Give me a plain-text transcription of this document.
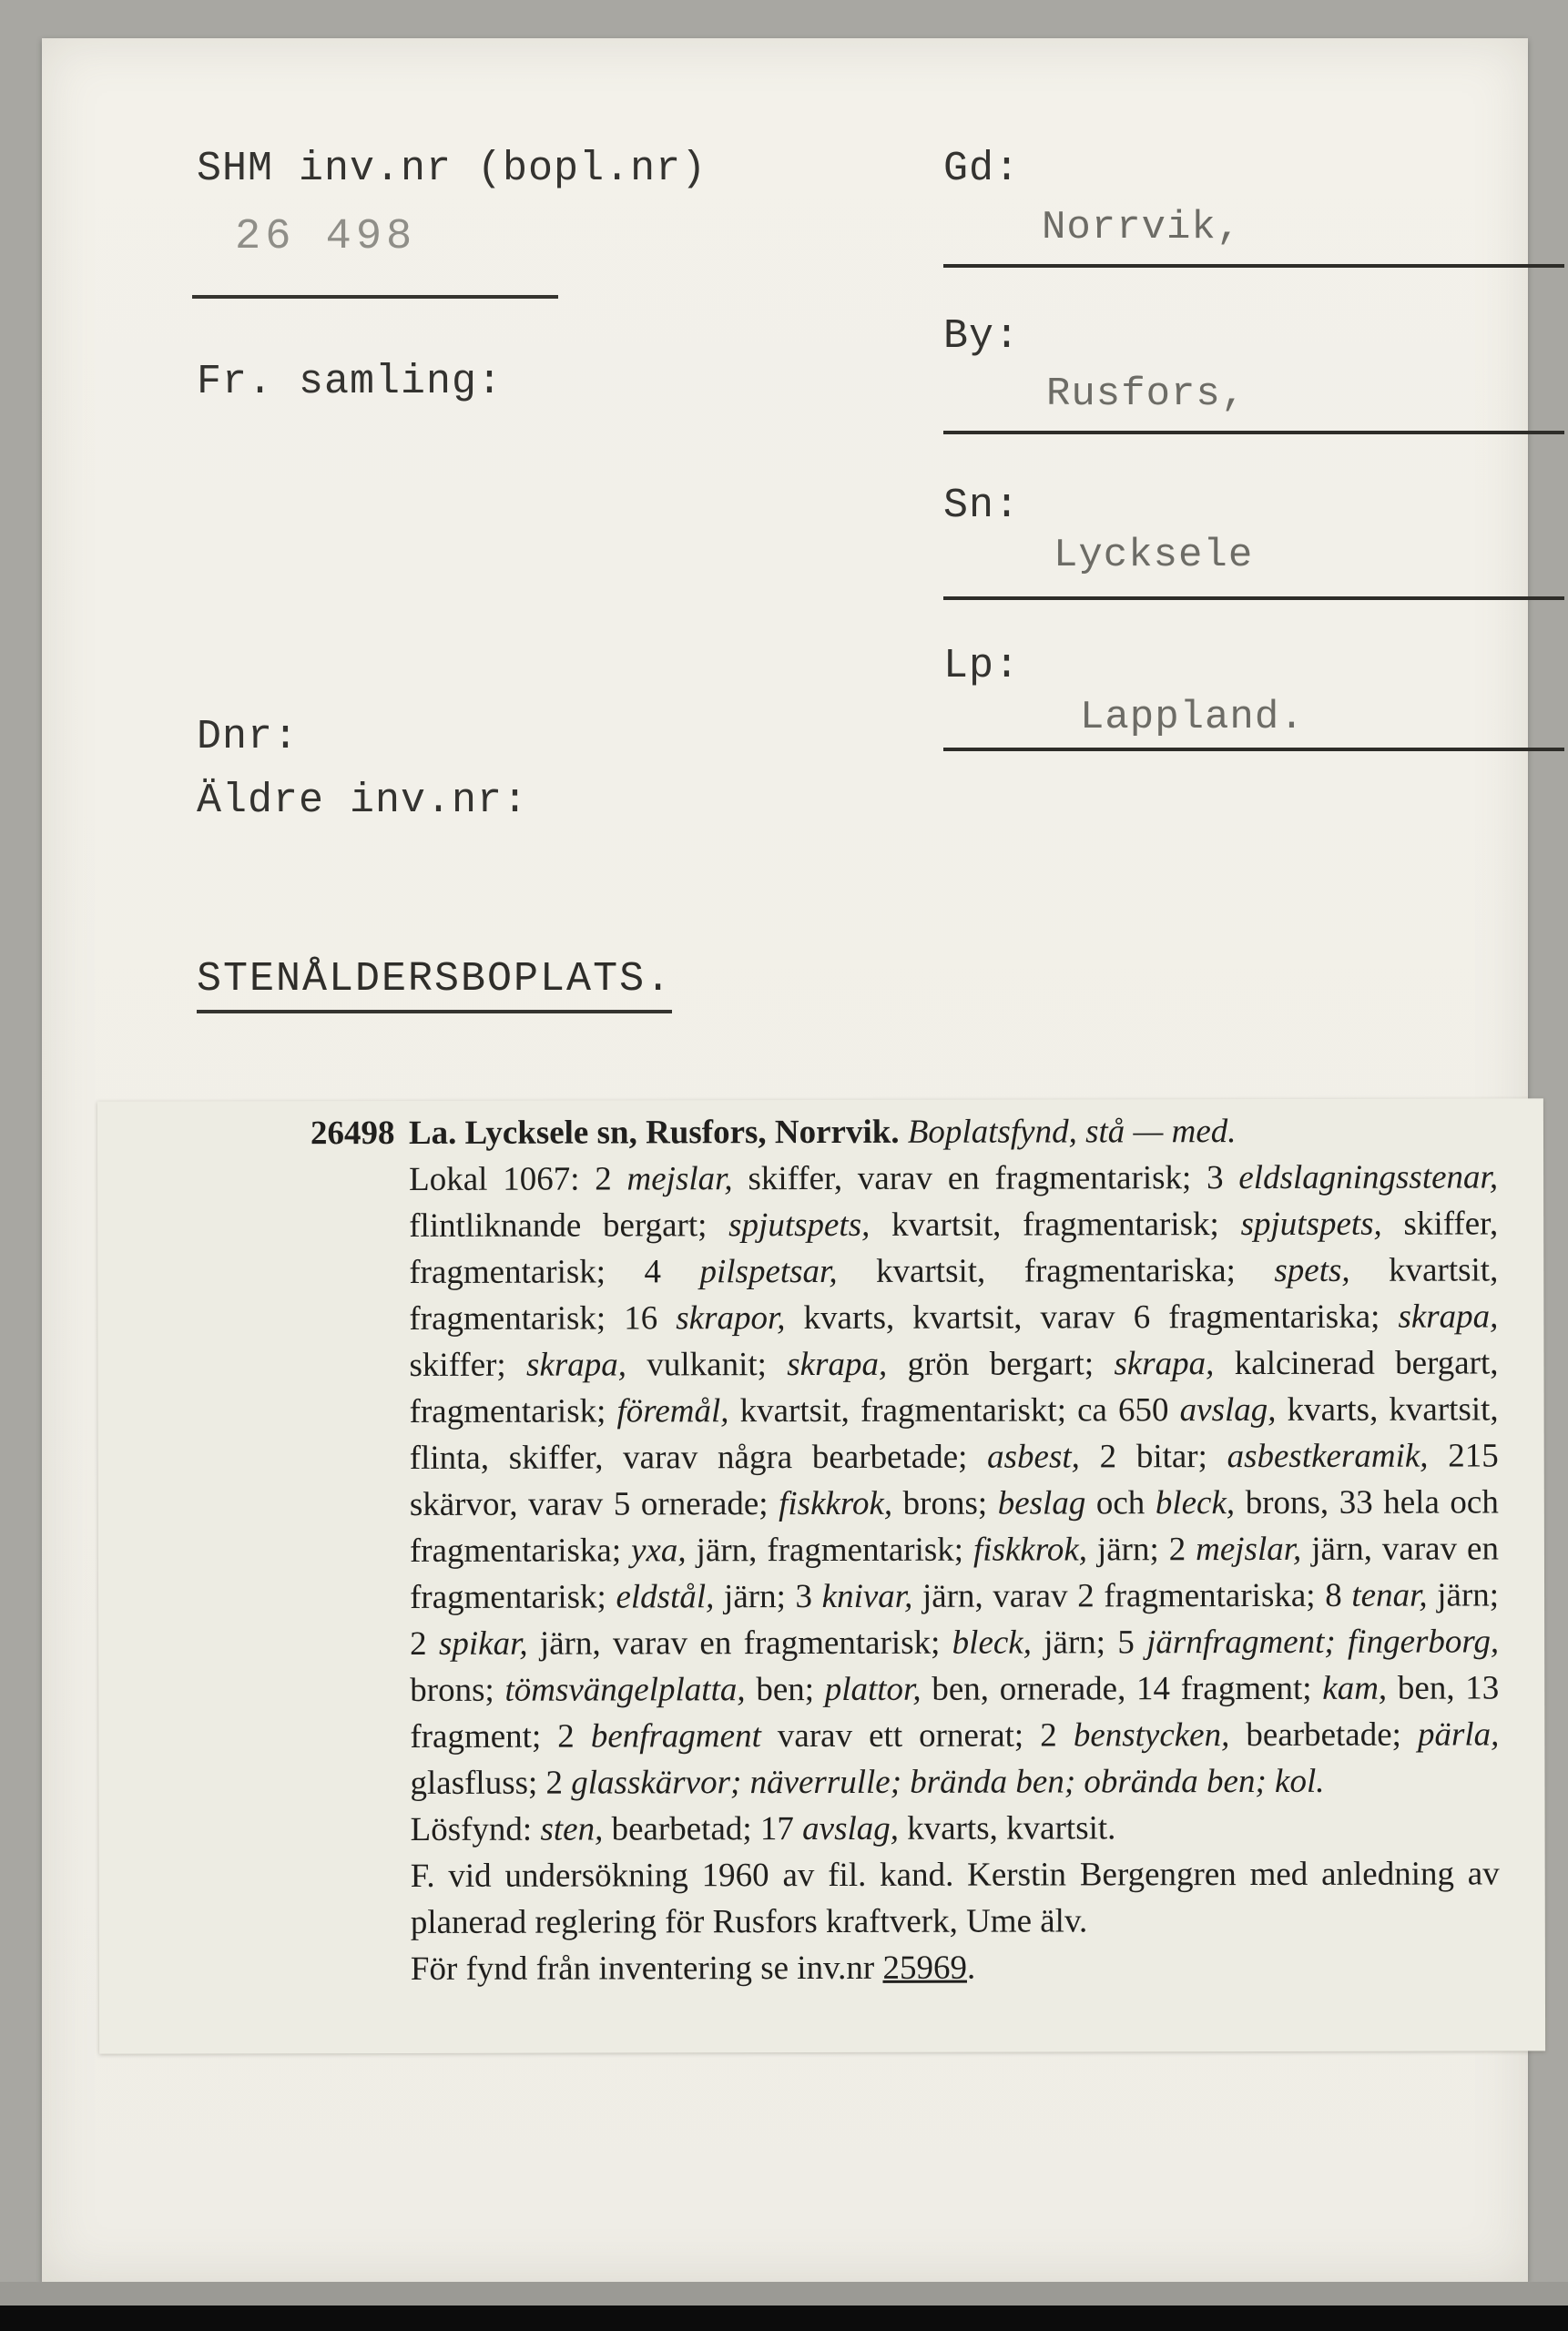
SHM inv.nr (bopl.nr)
26 498
Fr. samling:
Dnr:
Äldre inv.nr:
STENÅLDERSBOPLATS.
Gd:
Norrvik,
By:
Rusfors,
Sn:
Lycksele
Lp:
Lappland.
26498 La. Lycksele sn, Rusfors, Norrvik. Boplatsfynd, stå — med.

Lokal 1067: 2 mejslar, skiffer, varav en fragmentarisk; 3 eldslagningsstenar, flintliknande bergart; spjutspets, kvartsit, fragmentarisk; spjutspets, skiffer, fragmentarisk; 4 pilspetsar, kvartsit, fragmentariska; spets, kvartsit, fragmentarisk; 16 skrapor, kvarts, kvartsit, varav 6 fragmentariska; skrapa, skiffer; skrapa, vulkanit; skrapa, grön bergart; skrapa, kalcinerad bergart, fragmentarisk; föremål, kvartsit, fragmentariskt; ca 650 avslag, kvarts, kvartsit, flinta, skiffer, varav några bearbetade; asbest, 2 bitar; asbestkeramik, 215 skärvor, varav 5 ornerade; fiskkrok, brons; beslag och bleck, brons, 33 hela och fragmentariska; yxa, järn, fragmentarisk; fiskkrok, järn; 2 mejslar, järn, varav en fragmentarisk; eldstål, järn; 3 knivar, järn, varav 2 fragmentariska; 8 tenar, järn; 2 spikar, järn, varav en fragmentarisk; bleck, järn; 5 järnfragment; fingerborg, brons; tömsvängelplatta, ben; plattor, ben, ornerade, 14 fragment; kam, ben, 13 fragment; 2 benfragment varav ett ornerat; 2 benstycken, bearbetade; pärla, glasfluss; 2 glasskärvor; näverrulle; brända ben; obrända ben; kol.

Lösfynd: sten, bearbetad; 17 avslag, kvarts, kvartsit.

F. vid undersökning 1960 av fil. kand. Kerstin Bergengren med anledning av planerad reglering för Rusfors kraftverk, Ume älv.

För fynd från inventering se inv.nr 25969.
